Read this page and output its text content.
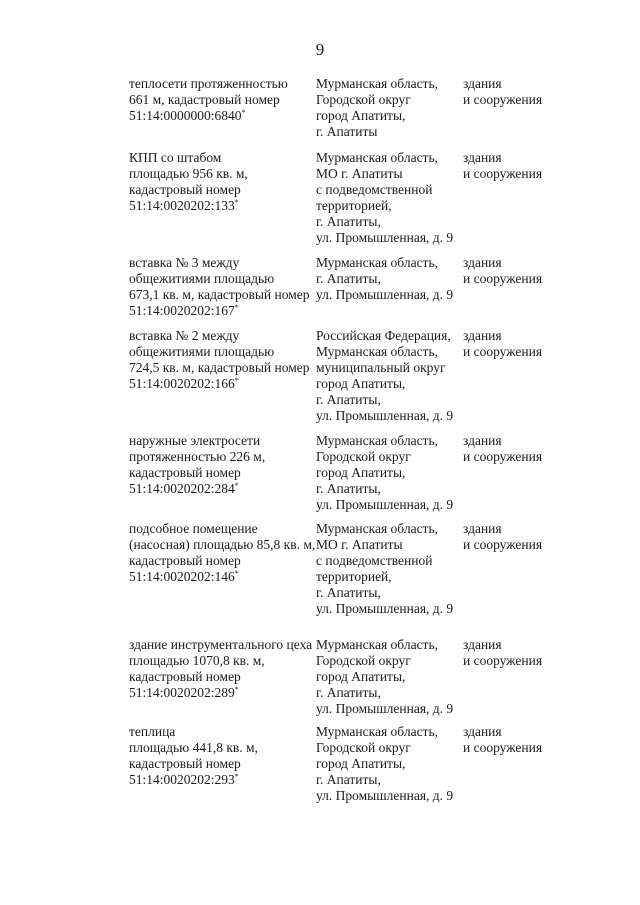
9
теплосети протяженностью
661 м, кадастровый номер
51:14:0000000:6840*
Мурманская область,
Городской округ
город Апатиты,
г. Апатиты
здания
и сооружения
КПП со штабом
площадью 956 кв. м,
кадастровый номер
51:14:0020202:133*
Мурманская область,
МО г. Апатиты
с подведомственной
территорией,
г. Апатиты,
ул. Промышленная, д. 9
здания
и сооружения
вставка № 3 между
общежитиями площадью
673,1 кв. м, кадастровый номер
51:14:0020202:167*
Мурманская область,
г. Апатиты,
ул. Промышленная, д. 9
здания
и сооружения
вставка № 2 между
общежитиями площадью
724,5 кв. м, кадастровый номер
51:14:0020202:166*
Российская Федерация,
Мурманская область,
муниципальный округ
город Апатиты,
г. Апатиты,
ул. Промышленная, д. 9
здания
и сооружения
наружные электросети
протяженностью 226 м,
кадастровый номер
51:14:0020202:284*
Мурманская область,
Городской округ
город Апатиты,
г. Апатиты,
ул. Промышленная, д. 9
здания
и сооружения
подсобное помещение
(насосная) площадью 85,8 кв. м,
кадастровый номер
51:14:0020202:146*
Мурманская область,
МО г. Апатиты
с подведомственной
территорией,
г. Апатиты,
ул. Промышленная, д. 9
здания
и сооружения
здание инструментального цеха
площадью 1070,8 кв. м,
кадастровый номер
51:14:0020202:289*
Мурманская область,
Городской округ
город Апатиты,
г. Апатиты,
ул. Промышленная, д. 9
здания
и сооружения
теплица
площадью 441,8 кв. м,
кадастровый номер
51:14:0020202:293*
Мурманская область,
Городской округ
город Апатиты,
г. Апатиты,
ул. Промышленная, д. 9
здания
и сооружения
